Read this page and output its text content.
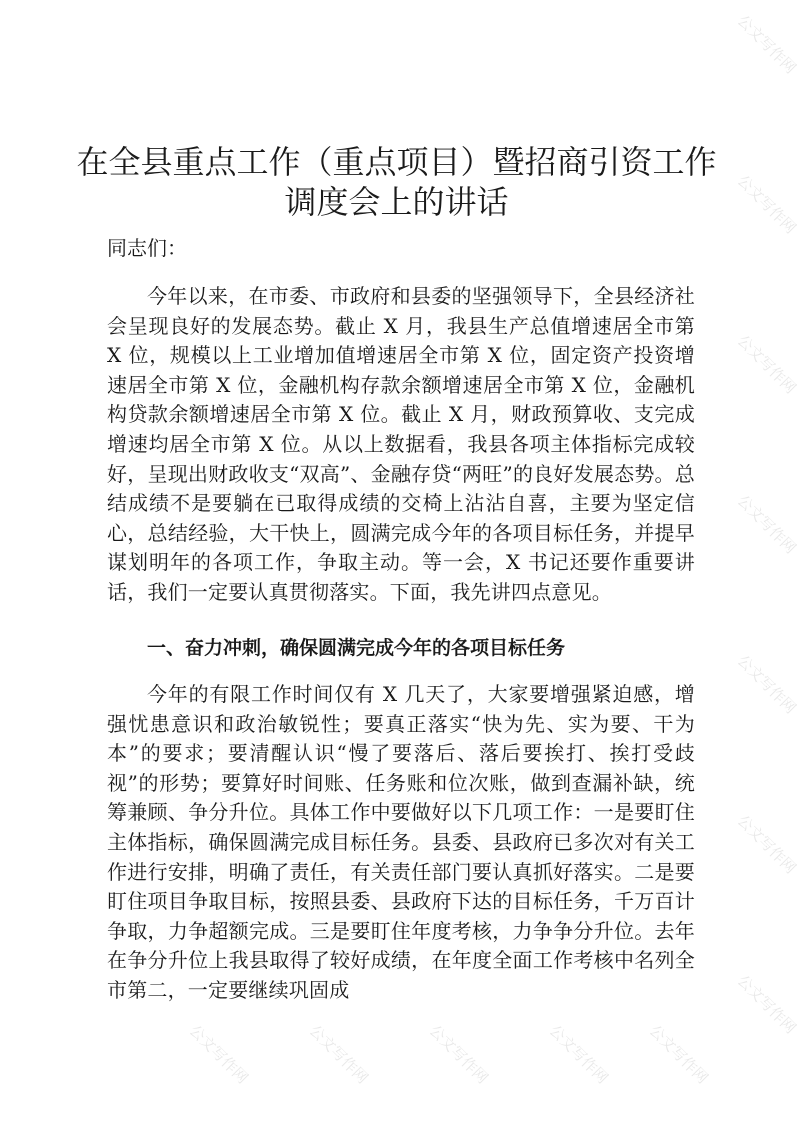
在全县重点工作（重点项目）暨招商引资工作
调度会上的讲话

同志们：

今年以来，在市委、市政府和县委的坚强领导下，全县经济社会呈现良好的发展态势。截止 X 月，我县生产总值增速居全市第 X 位，规模以上工业增加值增速居全市第 X 位，固定资产投资增速居全市第 X 位，金融机构存款余额增速居全市第 X 位，金融机构贷款余额增速居全市第 X 位。截止 X 月，财政预算收、支完成增速均居全市第 X 位。从以上数据看，我县各项主体指标完成较好，呈现出财政收支“双高”、金融存贷“两旺”的良好发展态势。总结成绩不是要躺在已取得成绩的交椅上沾沾自喜，主要为坚定信心，总结经验，大干快上，圆满完成今年的各项目标任务，并提早谋划明年的各项工作，争取主动。等一会，X 书记还要作重要讲话，我们一定要认真贯彻落实。下面，我先讲四点意见。

一、奋力冲刺，确保圆满完成今年的各项目标任务

今年的有限工作时间仅有 X 几天了，大家要增强紧迫感，增强忧患意识和政治敏锐性；要真正落实“快为先、实为要、干为本”的要求；要清醒认识“慢了要落后、落后要挨打、挨打受歧视”的形势；要算好时间账、任务账和位次账，做到查漏补缺，统筹兼顾、争分升位。具体工作中要做好以下几项工作：一是要盯住主体指标，确保圆满完成目标任务。县委、县政府已多次对有关工作进行安排，明确了责任，有关责任部门要认真抓好落实。二是要盯住项目争取目标，按照县委、县政府下达的目标任务，千万百计争取，力争超额完成。三是要盯住年度考核，力争争分升位。去年在争分升位上我县取得了较好成绩，在年度全面工作考核中名列全市第二，一定要继续巩固成

公文写作网
公文写作网
公文写作网
公文写作网
公文写作网
公文写作网
公文写作网
公文写作网	公文写作网	公文写作网	公文写作网 公文写作网
